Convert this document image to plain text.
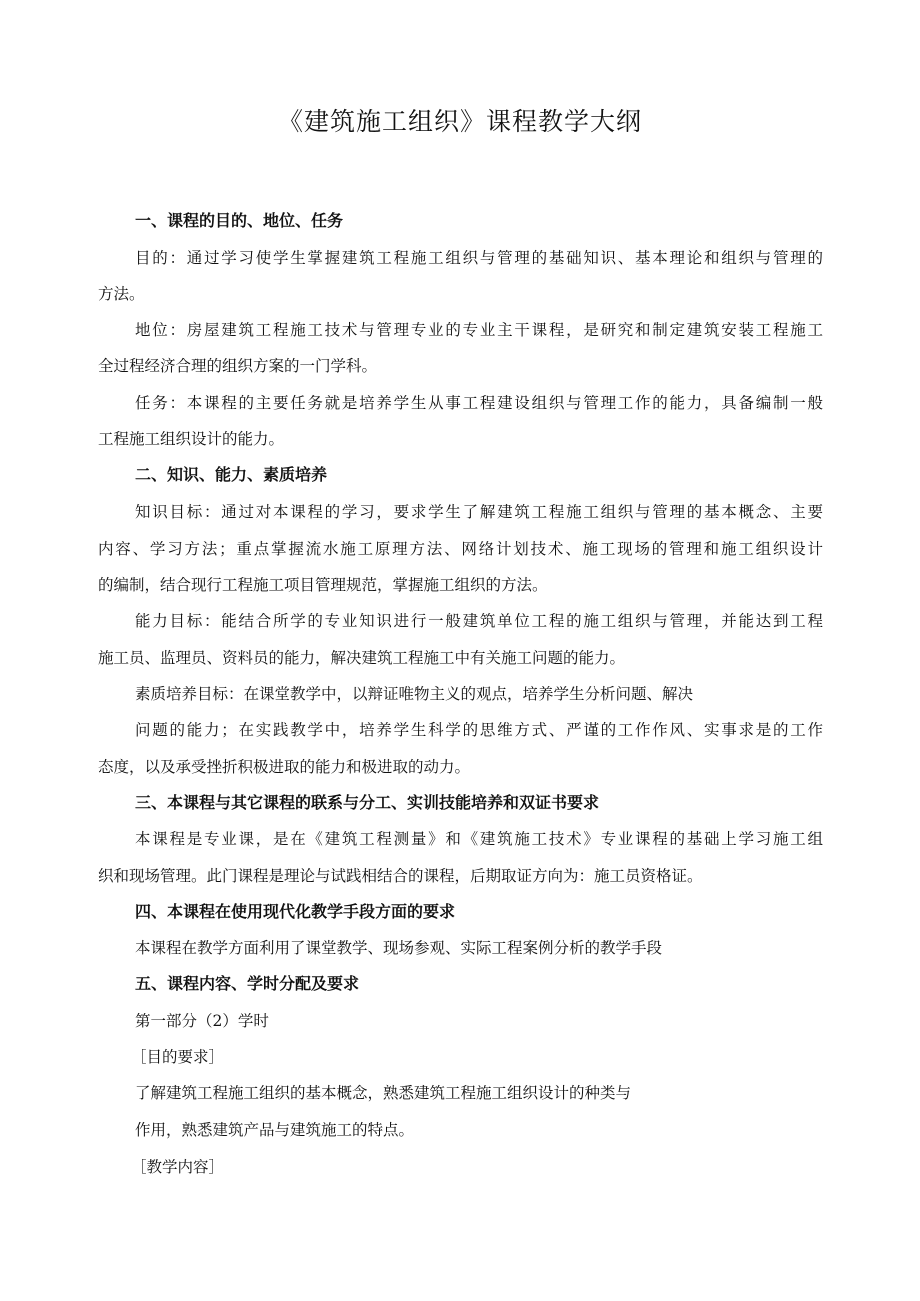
《建筑施工组织》课程教学大纲
一、课程的目的、地位、任务
目的：通过学习使学生掌握建筑工程施工组织与管理的基础知识、基本理论和组织与管理的
方法。
地位：房屋建筑工程施工技术与管理专业的专业主干课程，是研究和制定建筑安装工程施工
全过程经济合理的组织方案的一门学科。
任务：本课程的主要任务就是培养学生从事工程建设组织与管理工作的能力，具备编制一般
工程施工组织设计的能力。
二、知识、能力、素质培养
知识目标：通过对本课程的学习，要求学生了解建筑工程施工组织与管理的基本概念、主要
内容、学习方法；重点掌握流水施工原理方法、网络计划技术、施工现场的管理和施工组织设计
的编制，结合现行工程施工项目管理规范，掌握施工组织的方法。
能力目标：能结合所学的专业知识进行一般建筑单位工程的施工组织与管理，并能达到工程
施工员、监理员、资料员的能力，解决建筑工程施工中有关施工问题的能力。
素质培养目标：在课堂教学中，以辩证唯物主义的观点，培养学生分析问题、解决
问题的能力；在实践教学中，培养学生科学的思维方式、严谨的工作作风、实事求是的工作
态度，以及承受挫折积极进取的能力和极进取的动力。
三、本课程与其它课程的联系与分工、实训技能培养和双证书要求
本课程是专业课，是在《建筑工程测量》和《建筑施工技术》专业课程的基础上学习施工组
织和现场管理。此门课程是理论与试践相结合的课程，后期取证方向为：施工员资格证。
四、本课程在使用现代化教学手段方面的要求
本课程在教学方面利用了课堂教学、现场参观、实际工程案例分析的教学手段
五、课程内容、学时分配及要求
第一部分（2）学时
［目的要求］
了解建筑工程施工组织的基本概念，熟悉建筑工程施工组织设计的种类与
作用，熟悉建筑产品与建筑施工的特点。
［教学内容］
